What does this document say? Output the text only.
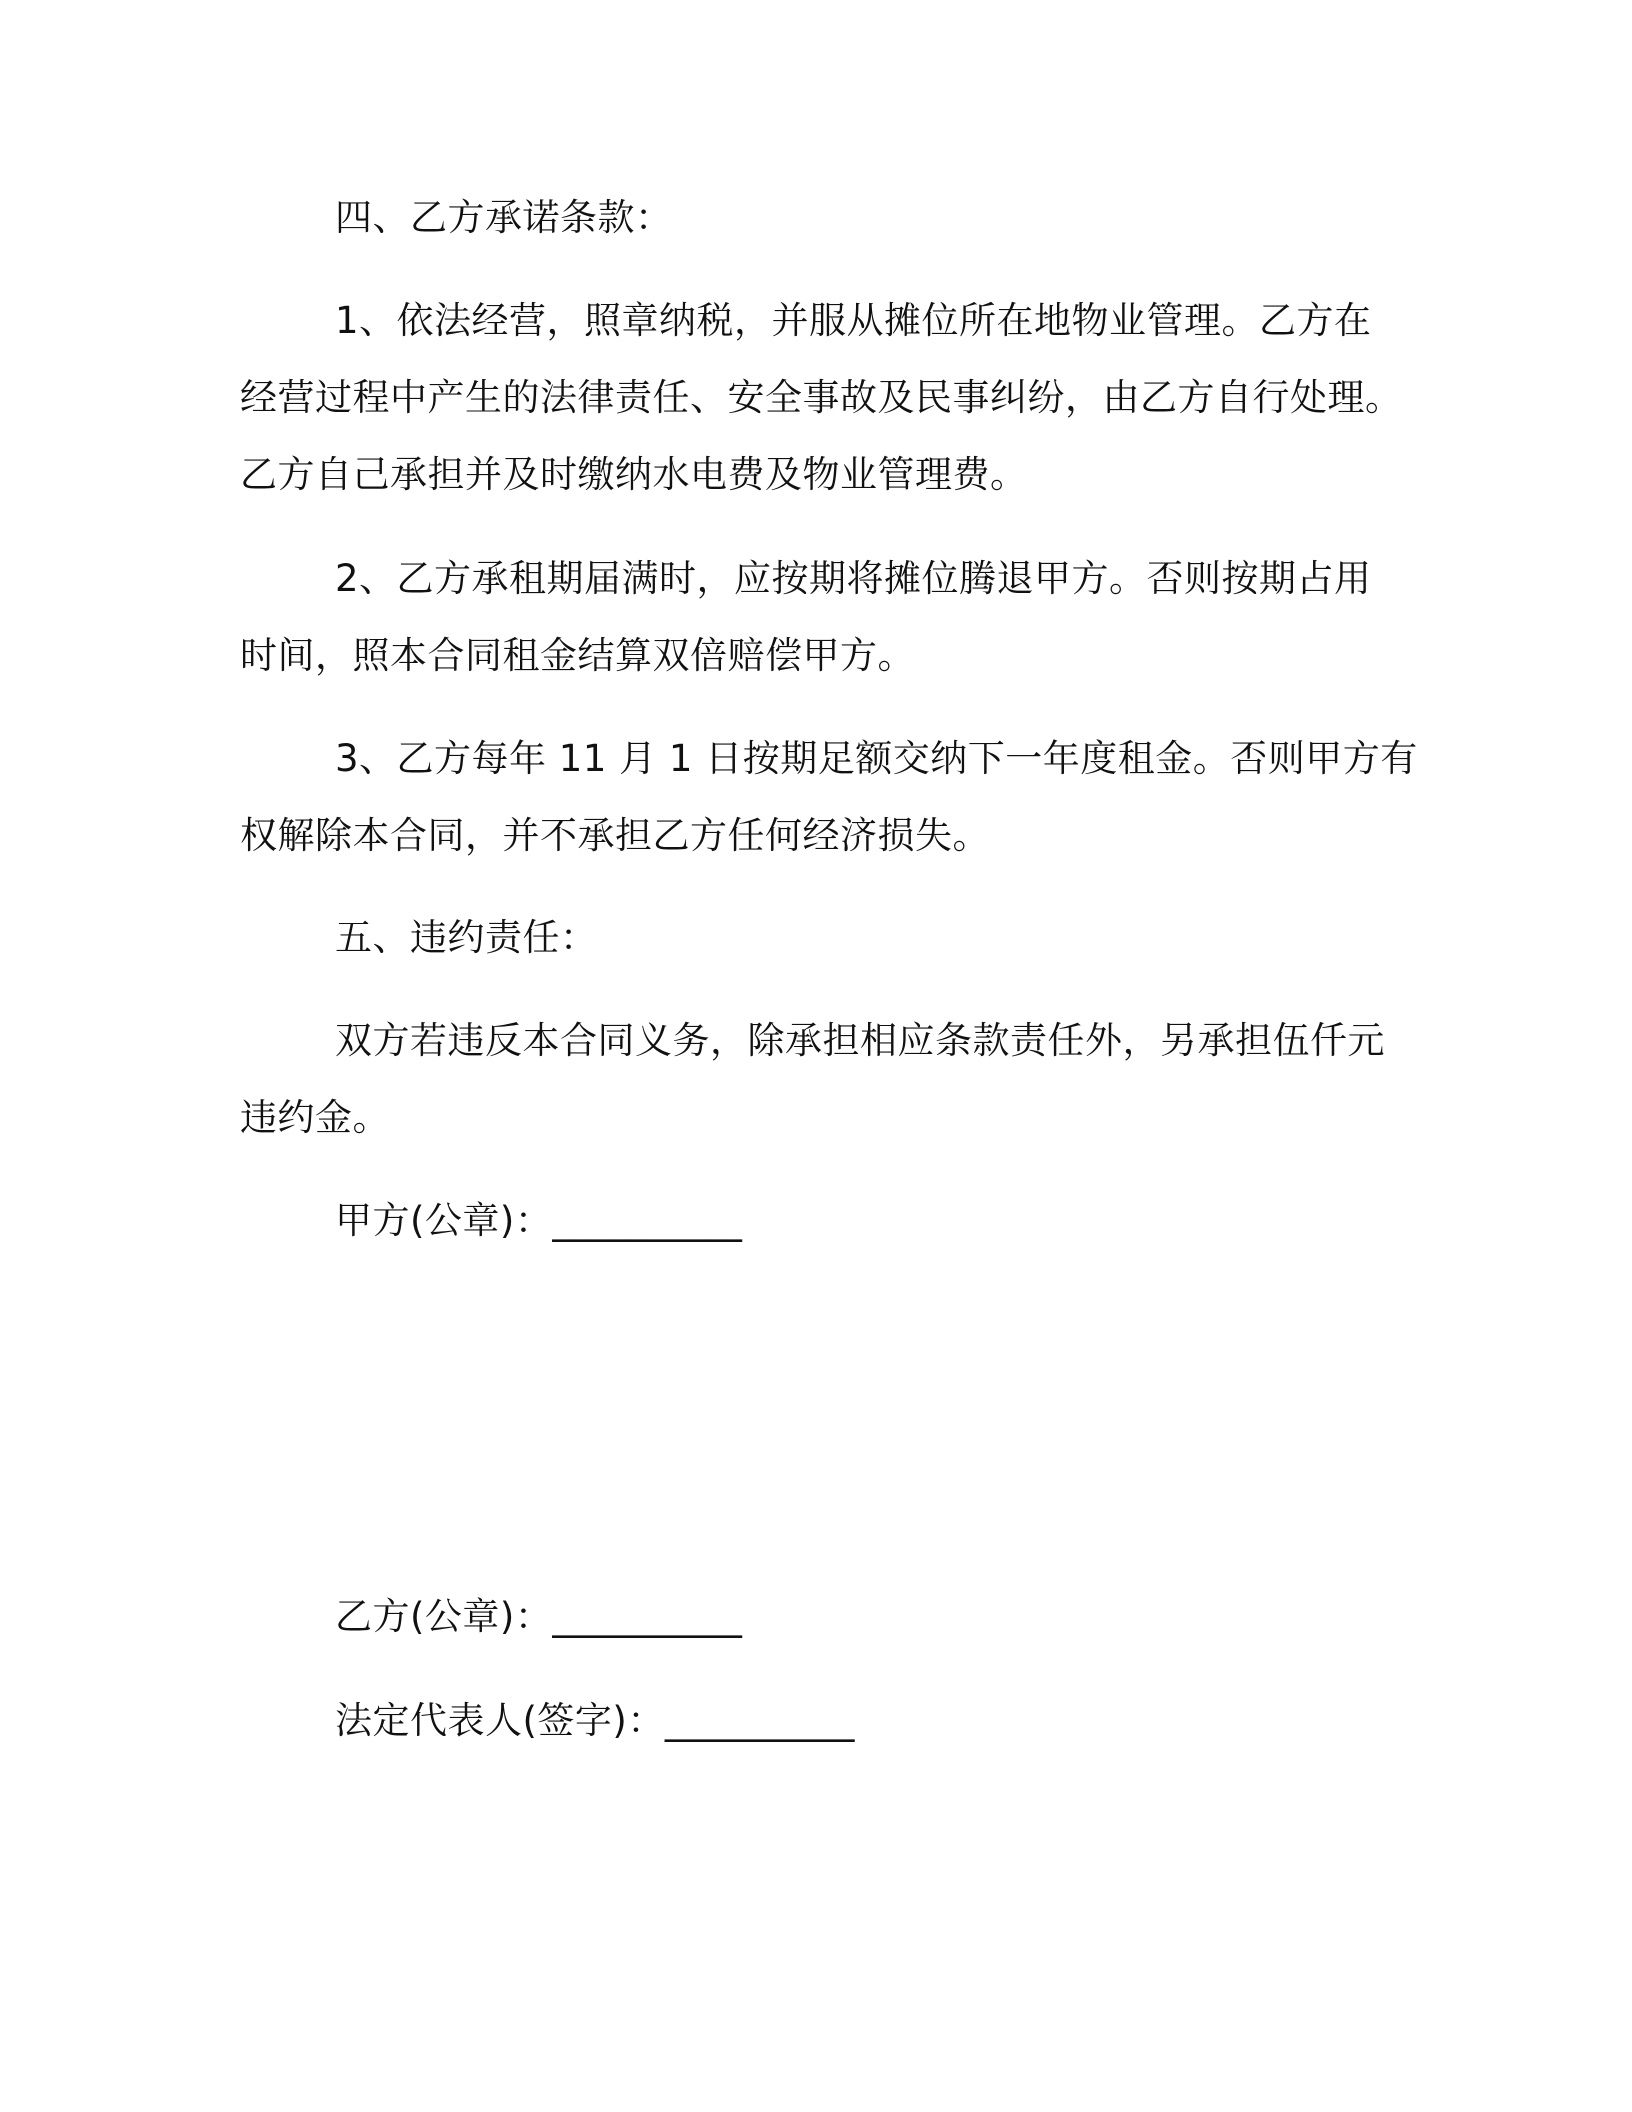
四、乙方承诺条款：
1、依法经营，照章纳税，并服从摊位所在地物业管理。乙方在
经营过程中产生的法律责任、安全事故及民事纠纷，由乙方自行处理。
乙方自己承担并及时缴纳水电费及物业管理费。
2、乙方承租期届满时，应按期将摊位腾退甲方。否则按期占用
时间，照本合同租金结算双倍赔偿甲方。
3、乙方每年 11 月 1 日按期足额交纳下一年度租金。否则甲方有
权解除本合同，并不承担乙方任何经济损失。
五、违约责任：
双方若违反本合同义务，除承担相应条款责任外，另承担伍仟元
违约金。
甲方(公章)：__________
乙方(公章)：__________
法定代表人(签字)：__________
